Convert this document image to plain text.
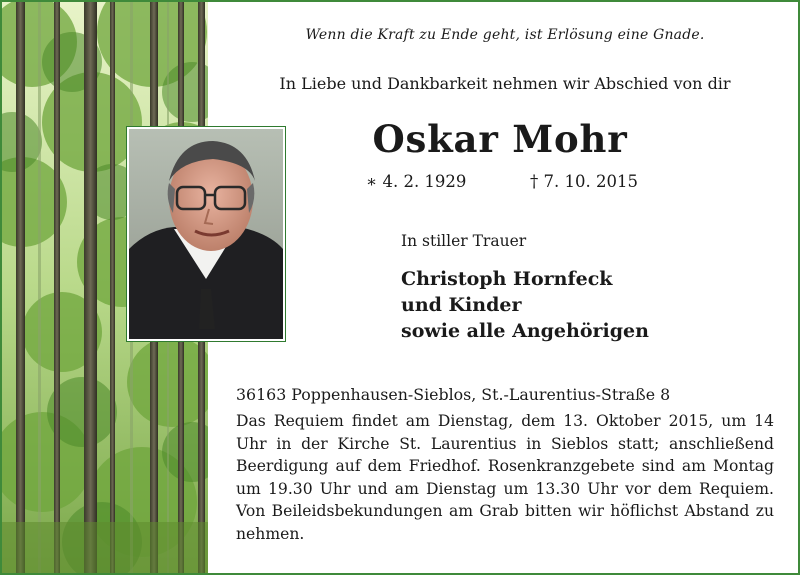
Wenn die Kraft zu Ende geht, ist Erlösung eine Gnade.
In Liebe und Dankbarkeit nehmen wir Abschied von dir
Oskar Mohr
∗ 4. 2. 1929	† 7. 10. 2015
In stiller Trauer
Christoph Hornfeck
und Kinder
sowie alle Angehörigen
36163 Poppenhausen-Sieblos, St.-Laurentius-Straße 8
Das Requiem findet am Dienstag, dem 13. Oktober 2015, um 14 Uhr in der Kirche St. Laurentius in Sieblos statt; anschließend Beerdigung auf dem Friedhof. Rosenkranzgebete sind am Montag um 19.30 Uhr und am Dienstag um 13.30 Uhr vor dem Requiem. Von Beileidsbekundungen am Grab bitten wir höflichst Abstand zu nehmen.
